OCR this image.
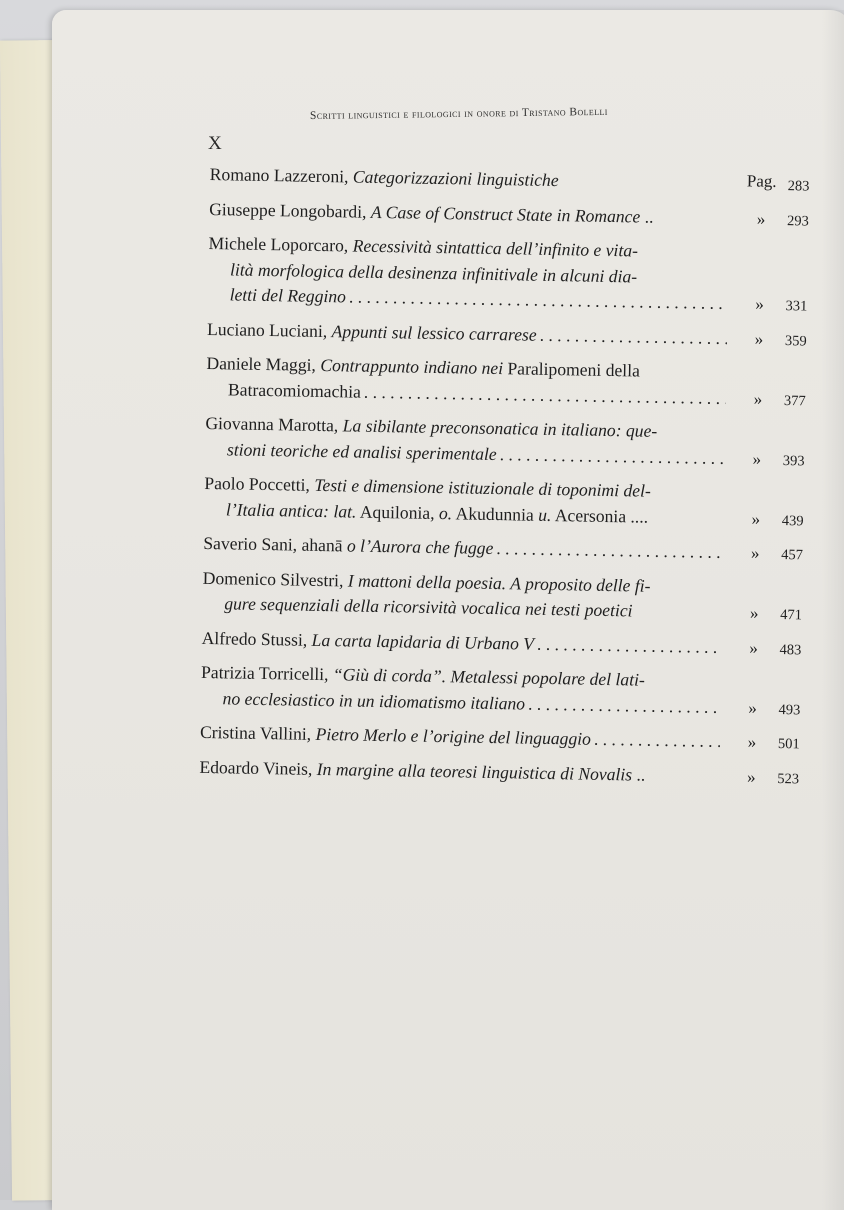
X
Scritti linguistici e filologici in onore di Tristano Bolelli
Romano Lazzeroni, Categorizzazioni linguistiche	Pag. 283
Giuseppe Longobardi, A Case of Construct State in Romance ..	»	293
Michele Loporcaro, Recessività sintattica dell’infinito e vita-
lità morfologica della desinenza infinitivale in alcuni dia-
letti del Reggino . . .	»	331
Luciano Luciani, Appunti sul lessico carrarese . . .	»	359
Daniele Maggi, Contrappunto indiano nei Paralipomeni della
Batracomiomachia . . .	»	377
Giovanna Marotta, La sibilante preconsonatica in italiano: que-
stioni teoriche ed analisi sperimentale . . .	»	393
Paolo Poccetti, Testi e dimensione istituzionale di toponimi del-
l’Italia antica: lat. Aquilonia, o. Akudunnia u. Acersonia ....	»	439
Saverio Sani, ahanā o l’Aurora che fugge . . .	»	457
Domenico Silvestri, I mattoni della poesia. A proposito delle fi-
gure sequenziali della ricorsività vocalica nei testi poetici	»	471
Alfredo Stussi, La carta lapidaria di Urbano V . . .	»	483
Patrizia Torricelli, “Giù di corda”. Metalessi popolare del lati-
no ecclesiastico in un idiomatismo italiano . . .	»	493
Cristina Vallini, Pietro Merlo e l’origine del linguaggio . . .	»	501
Edoardo Vineis, In margine alla teoresi linguistica di Novalis ..	»	523
